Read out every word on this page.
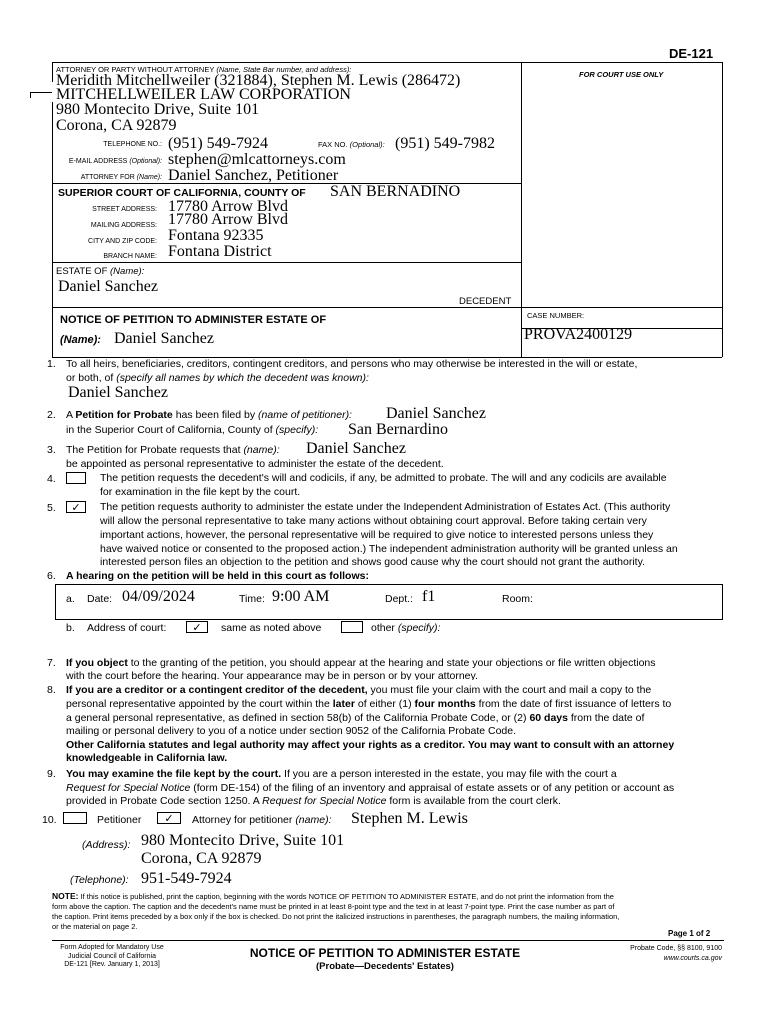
DE-121
ATTORNEY OR PARTY WITHOUT ATTORNEY (Name, State Bar number, and address):
FOR COURT USE ONLY
Meridith Mitchellweiler (321884), Stephen M. Lewis (286472)
MITCHELLWEILER LAW CORPORATION
980 Montecito Drive, Suite 101
Corona, CA 92879
TELEPHONE NO.: (951) 549-7924	FAX NO. (Optional): (951) 549-7982
E-MAIL ADDRESS (Optional): stephen@mlcattorneys.com
ATTORNEY FOR (Name): Daniel Sanchez, Petitioner
SUPERIOR COURT OF CALIFORNIA, COUNTY OF SAN BERNADINO
STREET ADDRESS: 17780 Arrow Blvd
MAILING ADDRESS: 17780 Arrow Blvd
CITY AND ZIP CODE: Fontana 92335
BRANCH NAME: Fontana District
ESTATE OF (Name):
Daniel Sanchez
DECEDENT
NOTICE OF PETITION TO ADMINISTER ESTATE OF
(Name): Daniel Sanchez
CASE NUMBER:
PROVA2400129
1. To all heirs, beneficiaries, creditors, contingent creditors, and persons who may otherwise be interested in the will or estate,
or both, of (specify all names by which the decedent was known):
Daniel Sanchez
2. A Petition for Probate has been filed by (name of petitioner): Daniel Sanchez
in the Superior Court of California, County of (specify): San Bernardino
3. The Petition for Probate requests that (name): Daniel Sanchez
be appointed as personal representative to administer the estate of the decedent.
4.	The petition requests the decedent's will and codicils, if any, be admitted to probate. The will and any codicils are available
for examination in the file kept by the court.
5.	✓	The petition requests authority to administer the estate under the Independent Administration of Estates Act. (This authority
will allow the personal representative to take many actions without obtaining court approval. Before taking certain very
important actions, however, the personal representative will be required to give notice to interested persons unless they
have waived notice or consented to the proposed action.) The independent administration authority will be granted unless an
interested person files an objection to the petition and shows good cause why the court should not grant the authority.
6. A hearing on the petition will be held in this court as follows:
a. Date: 04/09/2024	Time: 9:00 AM	Dept.: f1	Room:
b. Address of court:	✓	same as noted above	other (specify):
7. If you object to the granting of the petition, you should appear at the hearing and state your objections or file written objections
with the court before the hearing. Your appearance may be in person or by your attorney.
8. If you are a creditor or a contingent creditor of the decedent, you must file your claim with the court and mail a copy to the
personal representative appointed by the court within the later of either (1) four months from the date of first issuance of letters to
a general personal representative, as defined in section 58(b) of the California Probate Code, or (2) 60 days from the date of
mailing or personal delivery to you of a notice under section 9052 of the California Probate Code.
Other California statutes and legal authority may affect your rights as a creditor. You may want to consult with an attorney
knowledgeable in California law.
9. You may examine the file kept by the court. If you are a person interested in the estate, you may file with the court a
Request for Special Notice (form DE-154) of the filing of an inventory and appraisal of estate assets or of any petition or account as
provided in Probate Code section 1250. A Request for Special Notice form is available from the court clerk.
10.	Petitioner	✓	Attorney for petitioner (name): Stephen M. Lewis
(Address): 980 Montecito Drive, Suite 101
Corona, CA 92879
(Telephone): 951-549-7924
NOTE: If this notice is published, print the caption, beginning with the words NOTICE OF PETITION TO ADMINISTER ESTATE, and do not print the information from the
form above the caption. The caption and the decedent's name must be printed in at least 8-point type and the text in at least 7-point type. Print the case number as part of
the caption. Print items preceded by a box only if the box is checked. Do not print the italicized instructions in parentheses, the paragraph numbers, the mailing information,
or the material on page 2.
Page 1 of 2
Form Adopted for Mandatory Use
Judicial Council of California
DE-121 [Rev. January 1, 2013]
NOTICE OF PETITION TO ADMINISTER ESTATE
(Probate—Decedents' Estates)
Probate Code, §§ 8100, 9100
www.courts.ca.gov
